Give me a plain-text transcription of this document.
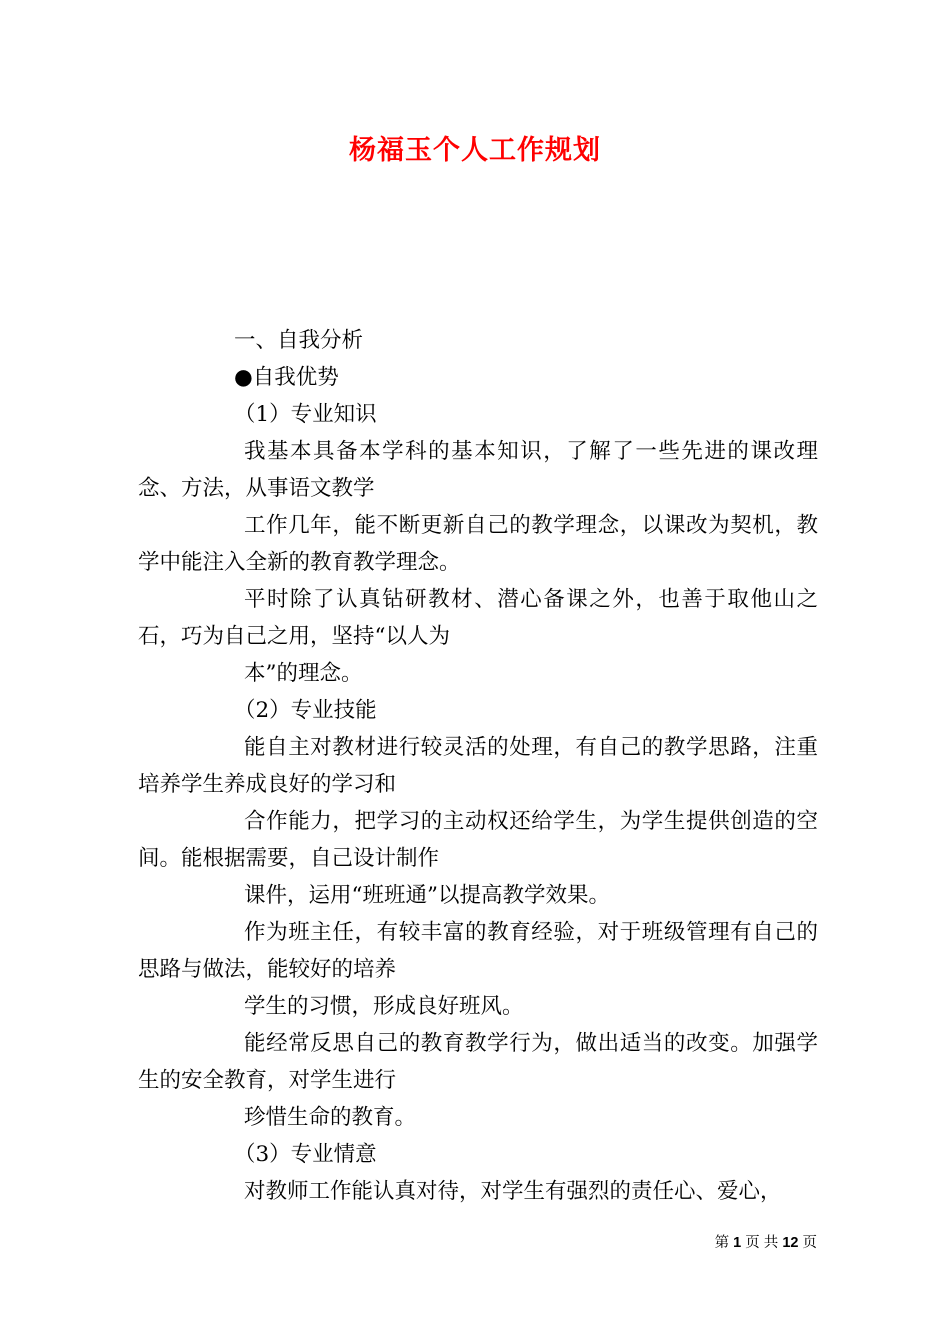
杨福玉个人工作规划

一、自我分析

●自我优势

（1）专业知识

我基本具备本学科的基本知识，了解了一些先进的课改理念、方法，从事语文教学

工作几年，能不断更新自己的教学理念，以课改为契机，教学中能注入全新的教育教学理念。

平时除了认真钻研教材、潜心备课之外，也善于取他山之石，巧为自己之用，坚持“以人为

本”的理念。

（2）专业技能

能自主对教材进行较灵活的处理，有自己的教学思路，注重培养学生养成良好的学习和

合作能力，把学习的主动权还给学生，为学生提供创造的空间。能根据需要，自己设计制作

课件，运用“班班通”以提高教学效果。

作为班主任，有较丰富的教育经验，对于班级管理有自己的思路与做法，能较好的培养

学生的习惯，形成良好班风。

能经常反思自己的教育教学行为，做出适当的改变。加强学生的安全教育，对学生进行

珍惜生命的教育。

（3）专业情意

对教师工作能认真对待，对学生有强烈的责任心、爱心，

第 1 页 共 12 页
